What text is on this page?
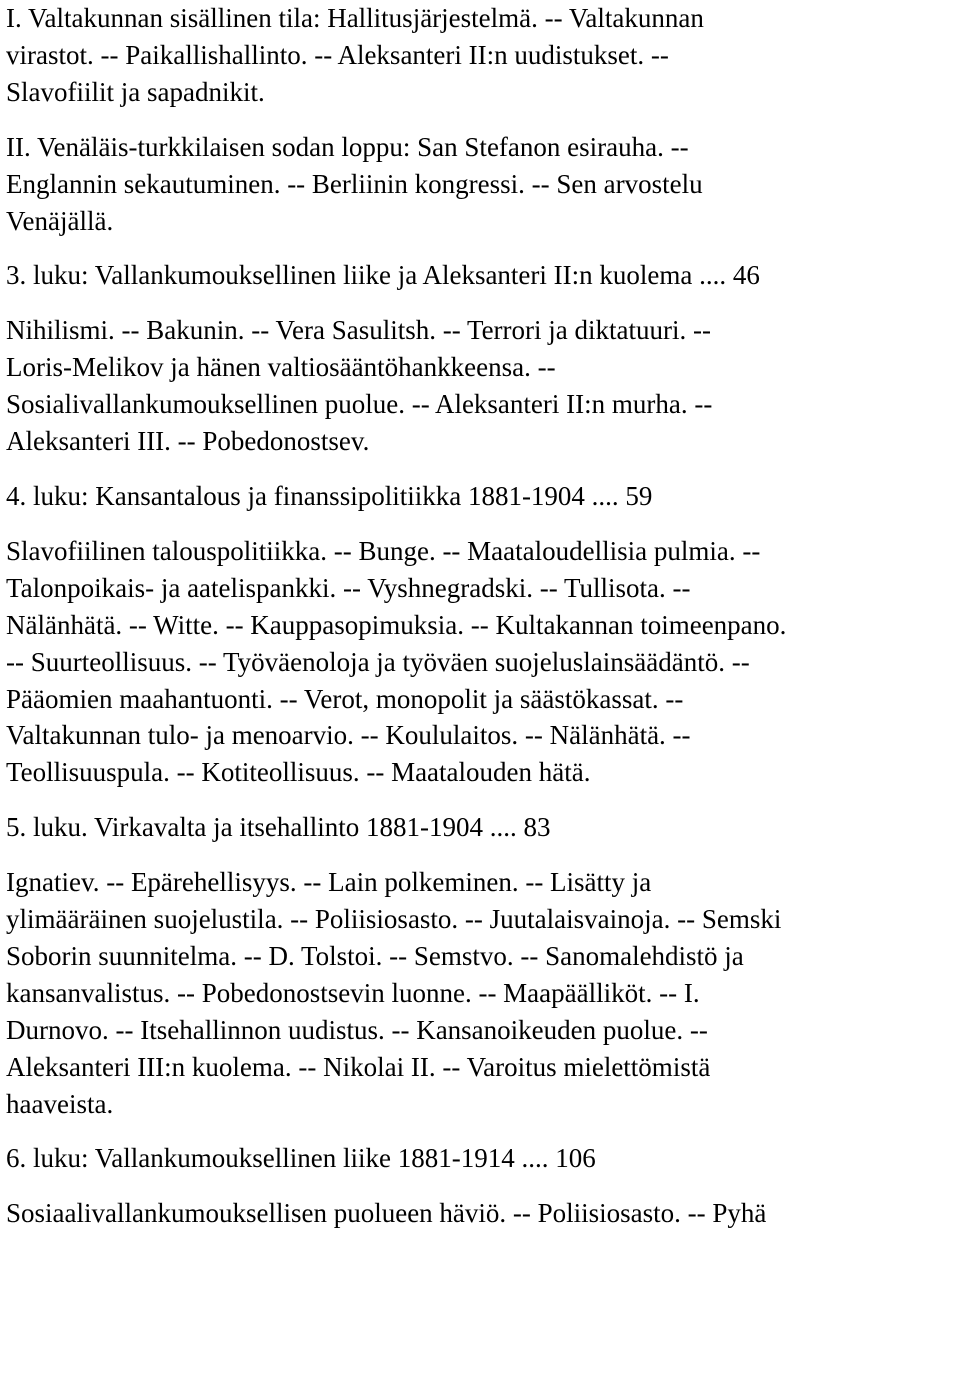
I. Valtakunnan sisällinen tila: Hallitusjärjestelmä. -- Valtakunnan

virastot. -- Paikallishallinto. -- Aleksanteri II:n uudistukset. --

Slavofiilit ja sapadnikit.

II. Venäläis-turkkilaisen sodan loppu: San Stefanon esirauha. --

Englannin sekautuminen. -- Berliinin kongressi. -- Sen arvostelu

Venäjällä.

3. luku: Vallankumouksellinen liike ja Aleksanteri II:n kuolema .... 46

Nihilismi. -- Bakunin. -- Vera Sasulitsh. -- Terrori ja diktatuuri. --

Loris-Melikov ja hänen valtiosääntöhankkeensa. --

Sosialivallankumouksellinen puolue. -- Aleksanteri II:n murha. --

Aleksanteri III. -- Pobedonostsev.

4. luku: Kansantalous ja finanssipolitiikka 1881-1904 .... 59

Slavofiilinen talouspolitiikka. -- Bunge. -- Maataloudellisia pulmia. --

Talonpoikais- ja aatelispankki. -- Vyshnegradski. -- Tullisota. --

Nälänhätä. -- Witte. -- Kauppasopimuksia. -- Kultakannan toimeenpano.

-- Suurteollisuus. -- Työväenoloja ja työväen suojeluslainsäädäntö. --

Pääomien maahantuonti. -- Verot, monopolit ja säästökassat. --

Valtakunnan tulo- ja menoarvio. -- Koululaitos. -- Nälänhätä. --

Teollisuuspula. -- Kotiteollisuus. -- Maatalouden hätä.

5. luku. Virkavalta ja itsehallinto 1881-1904 .... 83

Ignatiev. -- Epärehellisyys. -- Lain polkeminen. -- Lisätty ja

ylimääräinen suojelustila. -- Poliisiosasto. -- Juutalaisvainoja. -- Semski

Soborin suunnitelma. -- D. Tolstoi. -- Semstvo. -- Sanomalehdistö ja

kansanvalistus. -- Pobedonostsevin luonne. -- Maapäälliköt. -- I.

Durnovo. -- Itsehallinnon uudistus. -- Kansanoikeuden puolue. --

Aleksanteri III:n kuolema. -- Nikolai II. -- Varoitus mielettömistä

haaveista.

6. luku: Vallankumouksellinen liike 1881-1914 .... 106

Sosiaalivallankumouksellisen puolueen häviö. -- Poliisiosasto. -- Pyhä
